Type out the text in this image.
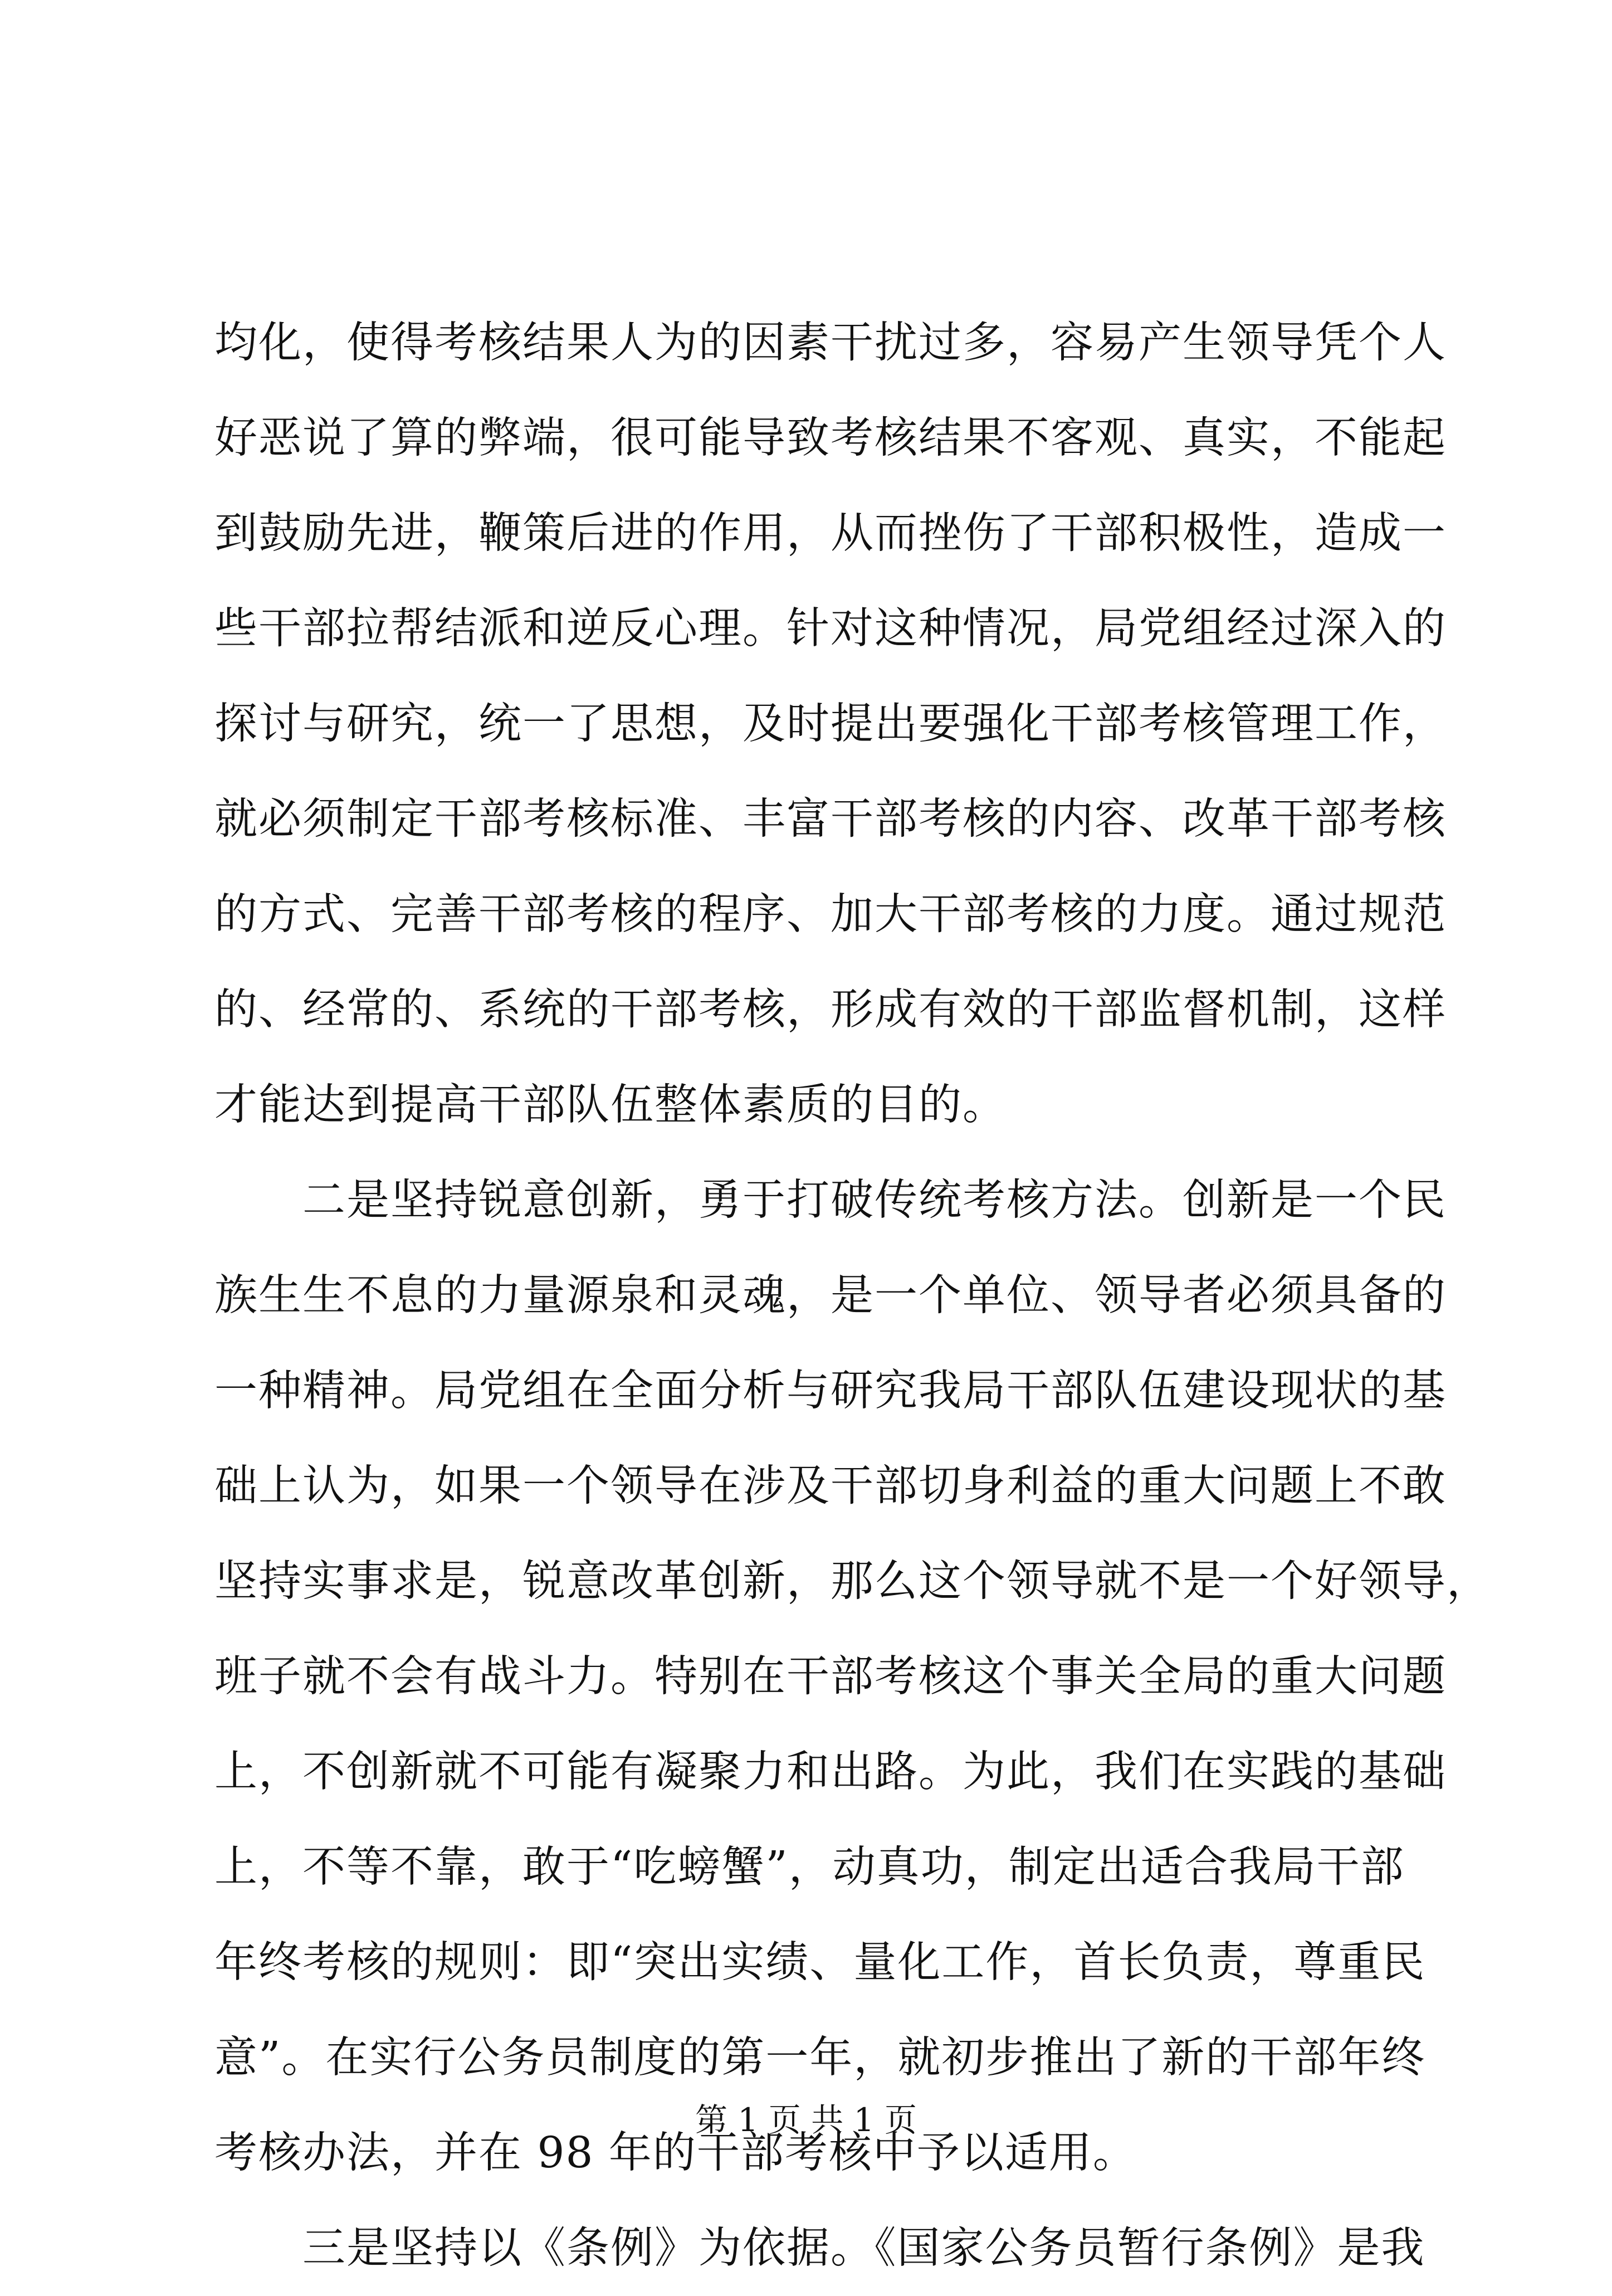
均化，使得考核结果人为的因素干扰过多，容易产生领导凭个人
好恶说了算的弊端，很可能导致考核结果不客观、真实，不能起
到鼓励先进，鞭策后进的作用，从而挫伤了干部积极性，造成一
些干部拉帮结派和逆反心理。针对这种情况，局党组经过深入的
探讨与研究，统一了思想，及时提出要强化干部考核管理工作，
就必须制定干部考核标准、丰富干部考核的内容、改革干部考核
的方式、完善干部考核的程序、加大干部考核的力度。通过规范
的、经常的、系统的干部考核，形成有效的干部监督机制，这样
才能达到提高干部队伍整体素质的目的。
　　二是坚持锐意创新，勇于打破传统考核方法。创新是一个民
族生生不息的力量源泉和灵魂，是一个单位、领导者必须具备的
一种精神。局党组在全面分析与研究我局干部队伍建设现状的基
础上认为，如果一个领导在涉及干部切身利益的重大问题上不敢
坚持实事求是，锐意改革创新，那么这个领导就不是一个好领导，
班子就不会有战斗力。特别在干部考核这个事关全局的重大问题
上，不创新就不可能有凝聚力和出路。为此，我们在实践的基础
上，不等不靠，敢于“吃螃蟹”，动真功，制定出适合我局干部
年终考核的规则：即“突出实绩、量化工作，首长负责，尊重民
意”。在实行公务员制度的第一年，就初步推出了新的干部年终
考核办法，并在 98 年的干部考核中予以适用。
　　三是坚持以《条例》为依据。《国家公务员暂行条例》是我
第 1 页 共 1 页
